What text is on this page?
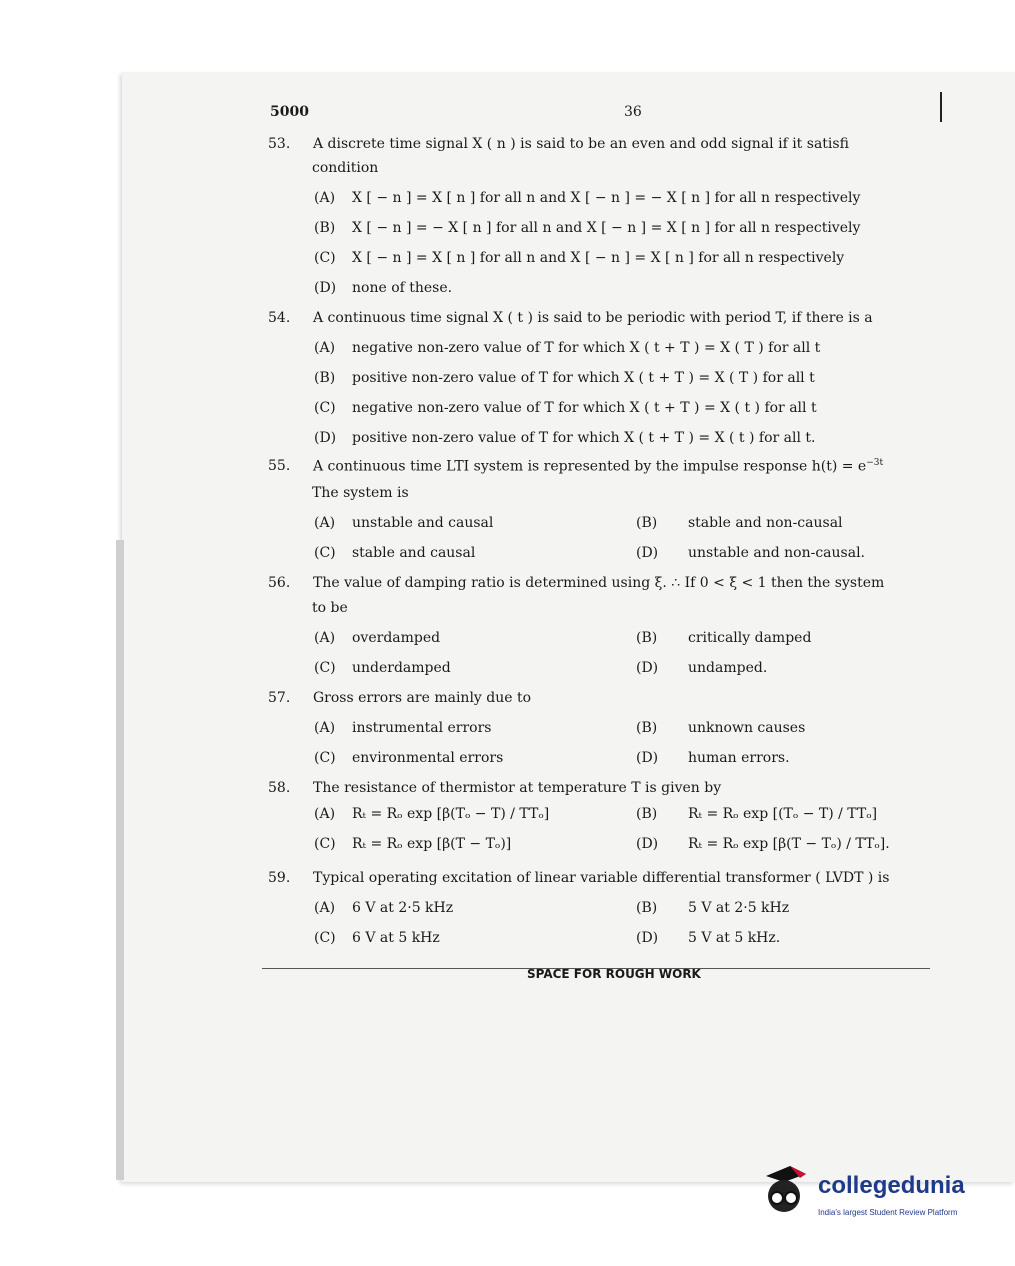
5000	36
53. A discrete time signal X ( n ) is said to be an even and odd signal if it satisfi
condition
(A) X [ − n ] = X [ n ] for all n and X [ − n ] = − X [ n ] for all n respectively
(B) X [ − n ] = − X [ n ] for all n and X [ − n ] = X [ n ] for all n respectively
(C) X [ − n ] = X [ n ] for all n and X [ − n ] = X [ n ] for all n respectively
(D) none of these.
54. A continuous time signal X ( t ) is said to be periodic with period T, if there is a
(A) negative non-zero value of T for which X ( t + T ) = X ( T ) for all t
(B) positive non-zero value of T for which X ( t + T ) = X ( T ) for all t
(C) negative non-zero value of T for which X ( t + T ) = X ( t ) for all t
(D) positive non-zero value of T for which X ( t + T ) = X ( t ) for all t.
55. A continuous time LTI system is represented by the impulse response $h(t) = e^{-3t}$
The system is
(A) unstable and causal	(B) stable and non-causal
(C) stable and causal	(D) unstable and non-causal.
56. The value of damping ratio is determined using ξ. ∴ If 0 < ξ < 1 then the system
to be
(A) overdamped	(B) critically damped
(C) underdamped	(D) undamped.
57. Gross errors are mainly due to
(A) instrumental errors	(B) unknown causes
(C) environmental errors	(D) human errors.
58. The resistance of thermistor at temperature T is given by
(A) Rₜ = Rₒ exp [β(Tₒ − T) / TTₒ]	(B) Rₜ = Rₒ exp [(Tₒ − T) / TTₒ]
(C) Rₜ = Rₒ exp [β(T − Tₒ)]	(D) Rₜ = Rₒ exp [β(T − Tₒ) / TTₒ].
59. Typical operating excitation of linear variable differential transformer ( LVDT ) is
(A) 6 V at 2·5 kHz	(B) 5 V at 2·5 kHz
(C) 6 V at 5 kHz	(D) 5 V at 5 kHz.
SPACE FOR ROUGH WORK
collegedunia
India's largest Student Review Platform
